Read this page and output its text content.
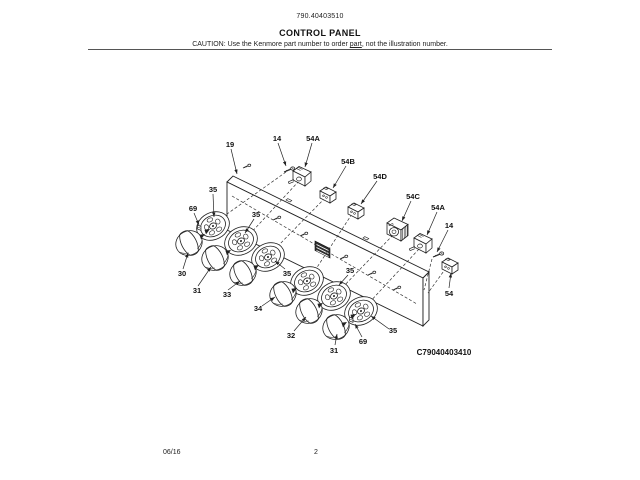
790.40403510
CONTROL PANEL
CAUTION: Use the Kenmore part number to order part, not the illustration number.
19
14	54A
54B
54D
54C
54A
14
54
35
69
30
31	33
35
34
35
32
35
31
69
35
C79040403410
06/16	2
